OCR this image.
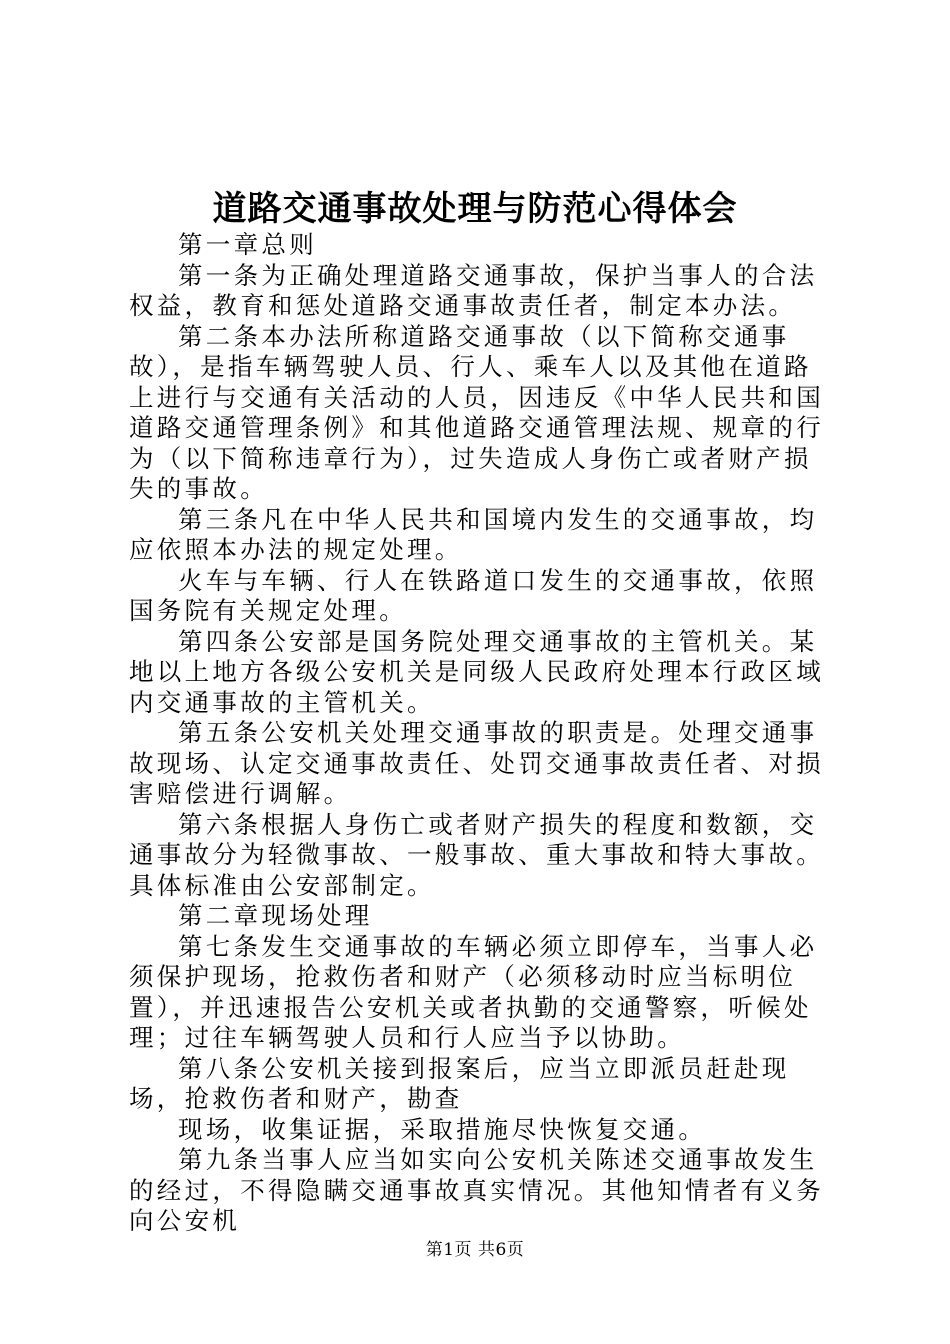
道路交通事故处理与防范心得体会

第一章总则

第一条为正确处理道路交通事故，保护当事人的合法权益，教育和惩处道路交通事故责任者，制定本办法。

第二条本办法所称道路交通事故（以下简称交通事故），是指车辆驾驶人员、行人、乘车人以及其他在道路上进行与交通有关活动的人员，因违反《中华人民共和国道路交通管理条例》和其他道路交通管理法规、规章的行为（以下简称违章行为），过失造成人身伤亡或者财产损失的事故。

第三条凡在中华人民共和国境内发生的交通事故，均应依照本办法的规定处理。

火车与车辆、行人在铁路道口发生的交通事故，依照国务院有关规定处理。

第四条公安部是国务院处理交通事故的主管机关。某地以上地方各级公安机关是同级人民政府处理本行政区域内交通事故的主管机关。

第五条公安机关处理交通事故的职责是。处理交通事故现场、认定交通事故责任、处罚交通事故责任者、对损害赔偿进行调解。

第六条根据人身伤亡或者财产损失的程度和数额，交通事故分为轻微事故、一般事故、重大事故和特大事故。具体标准由公安部制定。

第二章现场处理

第七条发生交通事故的车辆必须立即停车，当事人必须保护现场，抢救伤者和财产（必须移动时应当标明位置），并迅速报告公安机关或者执勤的交通警察，听候处理；过往车辆驾驶人员和行人应当予以协助。

第八条公安机关接到报案后，应当立即派员赶赴现场，抢救伤者和财产，勘查

现场，收集证据，采取措施尽快恢复交通。

第九条当事人应当如实向公安机关陈述交通事故发生的经过，不得隐瞒交通事故真实情况。其他知情者有义务向公安机

第1页 共6页
